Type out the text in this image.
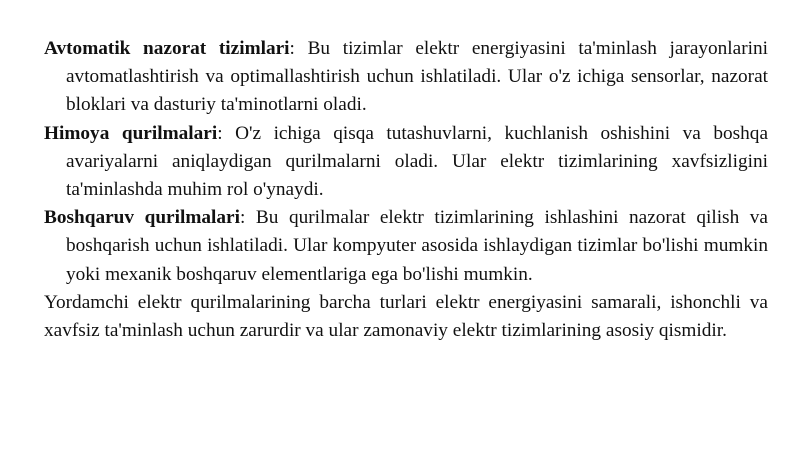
Avtomatik nazorat tizimlari: Bu tizimlar elektr energiyasini ta'minlash jarayonlarini avtomatlashtirish va optimallashtirish uchun ishlatiladi. Ular o'z ichiga sensorlar, nazorat bloklari va dasturiy ta'minotlarni oladi.

Himoya qurilmalari: O'z ichiga qisqa tutashuvlarni, kuchlanish oshishini va boshqa avariyalarni aniqlaydigan qurilmalarni oladi. Ular elektr tizimlarining xavfsizligini ta'minlashda muhim rol o'ynaydi.

Boshqaruv qurilmalari: Bu qurilmalar elektr tizimlarining ishlashini nazorat qilish va boshqarish uchun ishlatiladi. Ular kompyuter asosida ishlaydigan tizimlar bo'lishi mumkin yoki mexanik boshqaruv elementlariga ega bo'lishi mumkin.

Yordamchi elektr qurilmalarining barcha turlari elektr energiyasini samarali, ishonchli va xavfsiz ta'minlash uchun zarurdir va ular zamonaviy elektr tizimlarining asosiy qismidir.
